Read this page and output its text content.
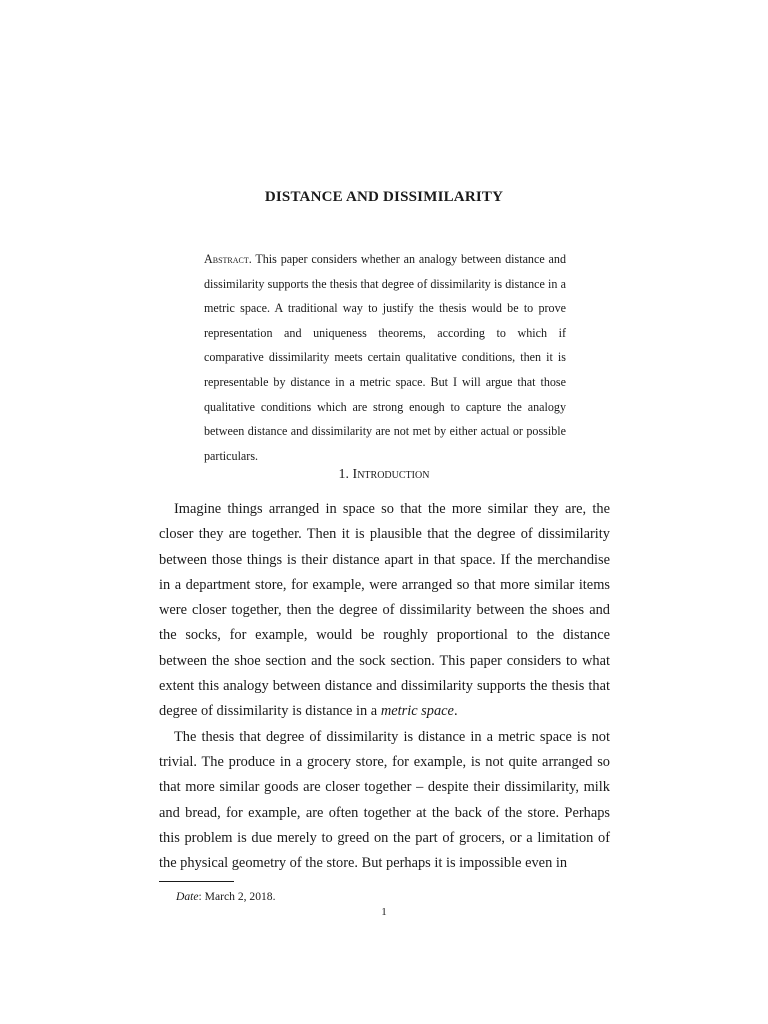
DISTANCE AND DISSIMILARITY
Abstract. This paper considers whether an analogy between distance and dissimilarity supports the thesis that degree of dissimilarity is distance in a metric space. A traditional way to justify the thesis would be to prove representation and uniqueness theorems, according to which if comparative dissimilarity meets certain qualitative conditions, then it is representable by distance in a metric space. But I will argue that those qualitative conditions which are strong enough to capture the analogy between distance and dissimilarity are not met by either actual or possible particulars.
1. Introduction

Imagine things arranged in space so that the more similar they are, the closer they are together. Then it is plausible that the degree of dissimilarity between those things is their distance apart in that space. If the merchandise in a department store, for example, were arranged so that more similar items were closer together, then the degree of dissimilarity between the shoes and the socks, for example, would be roughly proportional to the distance between the shoe section and the sock section. This paper considers to what extent this analogy between distance and dissimilarity supports the thesis that degree of dissimilarity is distance in a metric space.

The thesis that degree of dissimilarity is distance in a metric space is not trivial. The produce in a grocery store, for example, is not quite arranged so that more similar goods are closer together – despite their dissimilarity, milk and bread, for example, are often together at the back of the store. Perhaps this problem is due merely to greed on the part of grocers, or a limitation of the physical geometry of the store. But perhaps it is impossible even in

Date: March 2, 2018.
1
